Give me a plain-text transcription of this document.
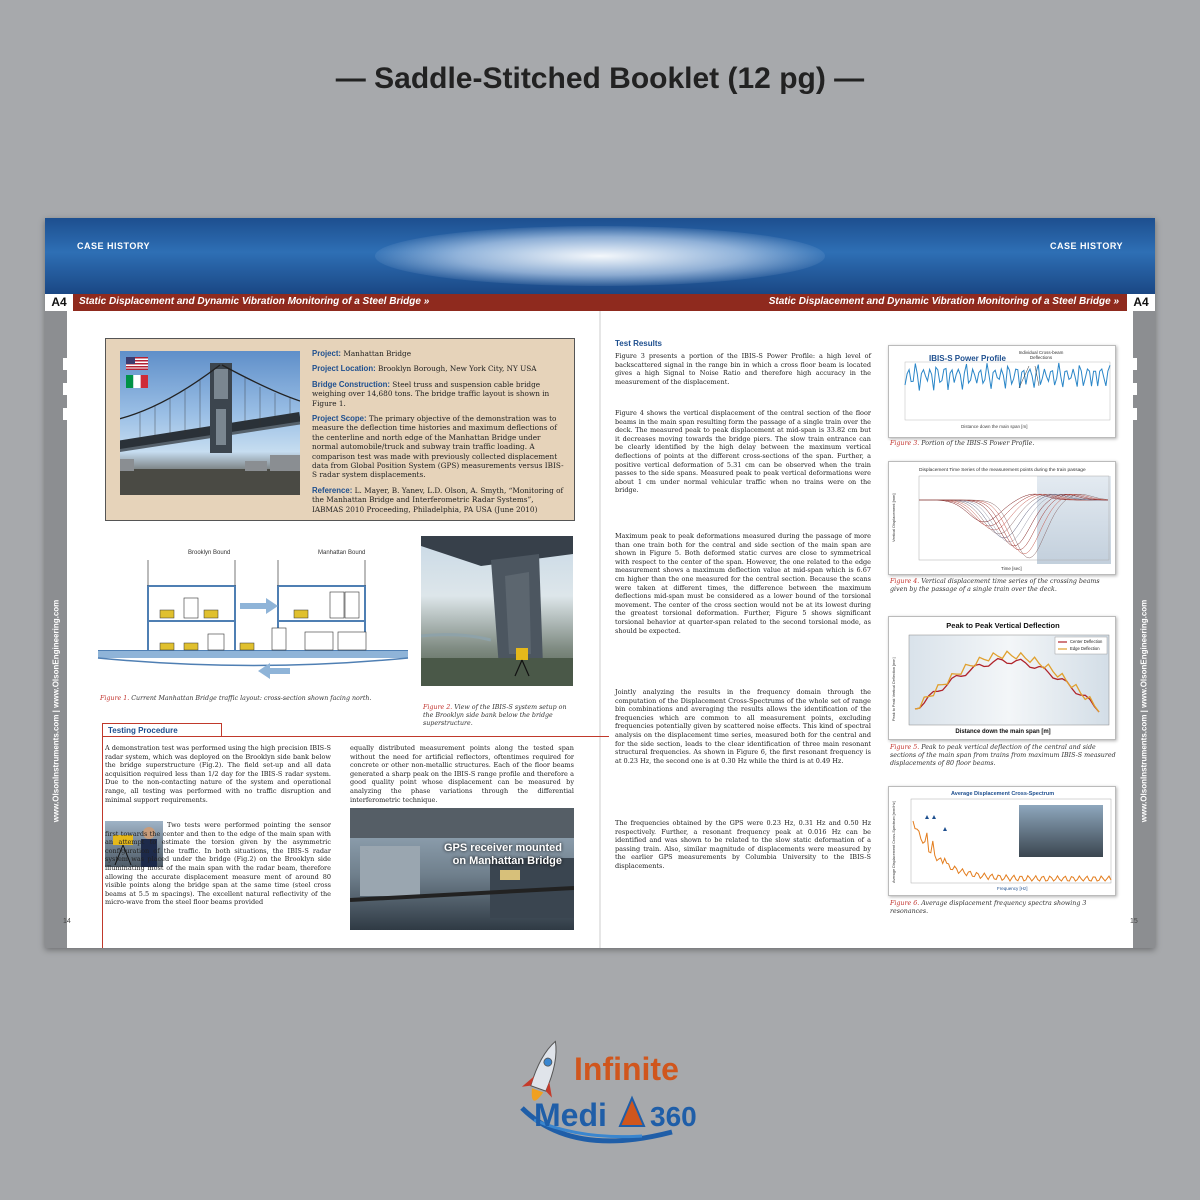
— Saddle-Stitched Booklet (12 pg) —
CASE HISTORY	CASE HISTORY
A4	A4
Static Displacement and Dynamic Vibration Monitoring of a Steel Bridge »	Static Displacement and Dynamic Vibration Monitoring of a Steel Bridge »
www.OlsonInstruments.com | www.OlsonEngineering.com	www.OlsonInstruments.com | www.OlsonEngineering.com
14	15

Project: Manhattan Bridge

Project Location: Brooklyn Borough, New York City, NY USA

Bridge Construction: Steel truss and suspension cable bridge weighing over 14,680 tons. The bridge traffic layout is shown in Figure 1.

Project Scope: The primary objective of the demonstration was to measure the deflection time histories and maximum deflections of the centerline and north edge of the Manhattan Bridge under normal automobile/truck and subway train traffic loading. A comparison test was made with previously collected displacement data from Global Position System (GPS) measurements versus IBIS-S radar system displacements.

Reference: L. Mayer, B. Yanev, L.D. Olson, A. Smyth, “Monitoring of the Manhattan Bridge and Interferometric Radar Systems”, IABMAS 2010 Proceeding, Philadelphia, PA USA (June 2010)

Brooklyn Bound	Manhattan Bound
Figure 1. Current Manhattan Bridge traffic layout: cross-section shown facing north.
Figure 2. View of the IBIS-S system setup on the Brooklyn side bank below the bridge superstructure.
Testing Procedure
A demonstration test was performed using the high precision IBIS-S radar system, which was deployed on the Brooklyn side bank below the bridge superstructure (Fig.2). The field set-up and all data acquisition required less than 1/2 day for the IBIS-S radar system. Due to the non-contacting nature of the system and operational range, all testing was performed with no traffic disruption and minimal support requirements.
Two tests were performed pointing the sensor first towards the center and then to the edge of the main span with an attempt to estimate the torsion given by the asymmetric configuration of the traffic. In both situations, the IBIS-S radar system was placed under the bridge (Fig.2) on the Brooklyn side illuminating most of the main span with the radar beam, therefore allowing the accurate displacement measure ment of around 80 visible points along the bridge span at the same time (steel cross beams at 5.5 m spacings). The excellent natural reflectivity of the micro-wave from the steel floor beams provided
equally distributed measurement points along the tested span without the need for artificial reflectors, oftentimes required for concrete or other non-metallic structures. Each of the floor beams generated a sharp peak on the IBIS-S range profile and therefore a good quality point whose displacement can be measured by analyzing the phase variations through the differential interferometric technique.
GPS receiver mounted
on Manhattan Bridge
Test Results
Figure 3 presents a portion of the IBIS-S Power Profile: a high level of backscattered signal in the range bin in which a cross floor beam is located gives a high Signal to Noise Ratio and therefore high accuracy in the measurement of the displacement.
Figure 4 shows the vertical displacement of the central section of the floor beams in the main span resulting form the passage of a single train over the deck. The measured peak to peak displacement at mid-span is 33.82 cm but it decreases moving towards the bridge piers. The slow train entrance can be clearly identified by the high delay between the maximum vertical deflections of points at the different cross-sections of the span. Further, a positive vertical deformation of 5.31 cm can be observed when the train passes to the side spans. Measured peak to peak vertical deformations were about 1 cm under normal vehicular traffic when no trains were on the bridge.
Maximum peak to peak deformations measured during the passage of more than one train both for the central and side section of the main span are shown in Figure 5. Both deformed static curves are close to symmetrical with respect to the center of the span. However, the one related to the edge measurement shows a maximum deflection value at mid-span which is 6.67 cm higher than the one measured for the central section. Because the scans were taken at different times, the difference between the maximum deflections mid-span must be considered as a lower bound of the torsional movement. The center of the cross section would not be at its lowest during the greatest torsional deformation. Further, Figure 5 shows significant torsional behavior at quarter-span related to the second torsional mode, as should be expected.
Jointly analyzing the results in the frequency domain through the computation of the Displacement Cross-Spectrums of the whole set of range bin combinations and averaging the results allows the identification of the frequencies which are common to all measurement points, excluding frequencies potentially given by scattered noise effects. This kind of spectral analysis on the displacement time series, measured both for the central and for the side section, leads to the clear identification of three main resonant structural frequencies. As shown in Figure 6, the first resonant frequency is at 0.23 Hz, the second one is at 0.30 Hz while the third is at 0.49 Hz.
The frequencies obtained by the GPS were 0.23 Hz, 0.31 Hz and 0.50 Hz respectively. Further, a resonant frequency peak at 0.016 Hz can be identified and was shown to be related to the slow static deformation of a passing train. Also, similar magnitude of displacements were measured by the earlier GPS measurements by Columbia University to the IBIS-S displacements.
IBIS-S Power Profile
Individual Cross-beam Deflections
Distance down the main span [m]
Figure 3. Portion of the IBIS-S Power Profile.
Displacement Time Series of the measurement points during the train passage
Vertical Displacement [mm]
Time [sec]
Figure 4. Vertical displacement time series of the crossing beams given by the passage of a single train over the deck.
Peak to Peak Vertical Deflection
Center Deflection
Edge Deflection
Peak to Peak Vertical Deflection [mm]
Distance down the main span [m]
Figure 5. Peak to peak vertical deflection of the central and side sections of the main span from trains from maximum IBIS-S measured displacements of 80 floor beams.
Average Displacement Cross-Spectrum
Average Displacement Cross-Spectrum [mm/Hz]
Frequency [Hz]
Figure 6. Average displacement frequency spectra showing 3 resonances.
Infinite
Medi 360
